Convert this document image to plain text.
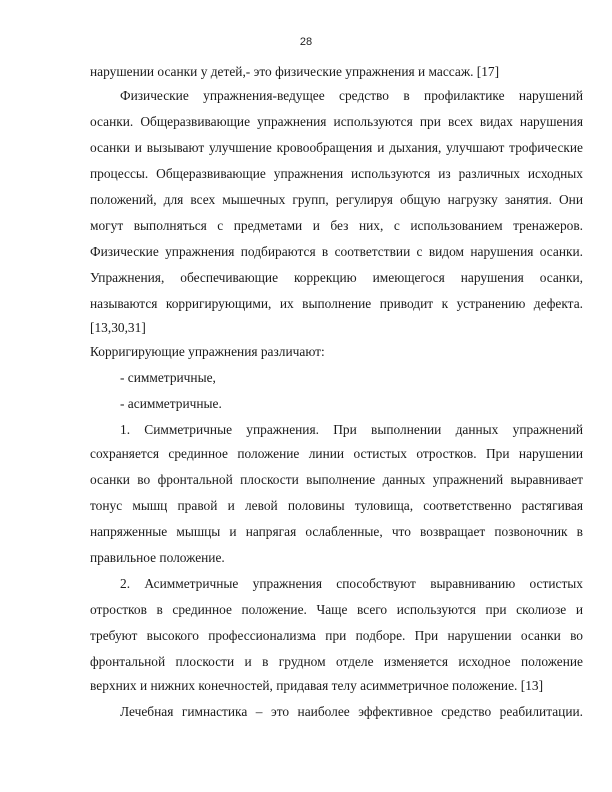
28
нарушении осанки у детей,- это физические упражнения и массаж. [17]
Физические упражнения-ведущее средство в профилактике нарушений
осанки. Общеразвивающие упражнения используются при всех видах нарушения
осанки и вызывают улучшение кровообращения и дыхания, улучшают трофические
процессы. Общеразвивающие упражнения используются из различных исходных
положений, для всех мышечных групп, регулируя общую нагрузку занятия. Они
могут выполняться с предметами и без них, с использованием тренажеров.
Физические упражнения подбираются в соответствии с видом нарушения осанки.
Упражнения, обеспечивающие коррекцию имеющегося нарушения осанки,
называются корригирующими, их выполнение приводит к устранению дефекта.
[13,30,31]
Корригирующие упражнения различают:
- симметричные,
- асимметричные.
1. Симметричные упражнения. При выполнении данных упражнений
сохраняется срединное положение линии остистых отростков. При нарушении
осанки во фронтальной плоскости выполнение данных упражнений выравнивает
тонус мышц правой и левой половины туловища, соответственно растягивая
напряженные мышцы и напрягая ослабленные, что возвращает позвоночник в
правильное положение.
2. Асимметричные упражнения способствуют выравниванию остистых
отростков в срединное положение. Чаще всего используются при сколиозе и
требуют высокого профессионализма при подборе. При нарушении осанки во
фронтальной плоскости и в грудном отделе изменяется исходное положение
верхних и нижних конечностей, придавая телу асимметричное положение. [13]
Лечебная гимнастика – это наиболее эффективное средство реабилитации.
